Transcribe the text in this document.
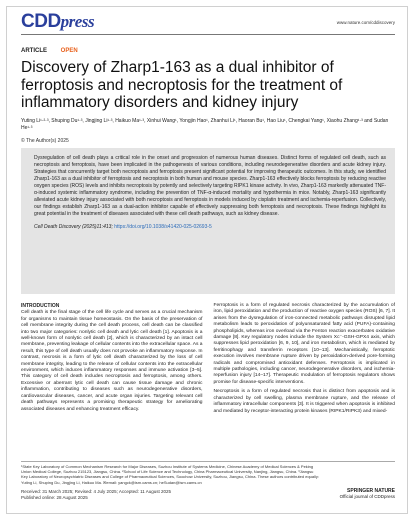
CDDpress	www.nature.com/cddiscovery
ARTICLE OPEN
Discovery of Zharp1-163 as a dual inhibitor of ferroptosis and necroptosis for the treatment of inflammatory disorders and kidney injury
Yuting Li¹·²·³, Shuping Du¹·³, Jingjing Li¹·³, Haikuo Ma¹·³, Xinhui Wang¹, Yongjin Hao¹, Zhanhui Li¹, Haoran Bu¹, Hao Liu¹, Chengkai Yang¹, Xiaohu Zhang¹·³ and Sudan He¹·³
© The Author(s) 2025

Dysregulation of cell death plays a critical role in the onset and progression of numerous human diseases. Distinct forms of regulated cell death, such as necroptosis and ferroptosis, have been implicated in the pathogenesis of various conditions, including neurodegenerative disorders and acute kidney injury. Strategies that concurrently target both necroptosis and ferroptosis present significant potential for improving therapeutic outcomes. In this study, we identified Zharp1-163 as a dual inhibitor of ferroptosis and necroptosis in both human and mouse species. Zharp1-163 effectively blocks ferroptosis by reducing reactive oxygen species (ROS) levels and inhibits necroptosis by potently and selectively targeting RIPK1 kinase activity. In vivo, Zharp1-163 markedly attenuated TNF-α-induced systemic inflammatory syndrome, including the prevention of TNF-α-induced mortality and hypothermia in mice. Notably, Zharp1-163 significantly alleviated acute kidney injury associated with both necroptosis and ferroptosis in models induced by cisplatin treatment and ischemia-reperfusion. Collectively, our findings establish Zharp1-163 as a dual-action inhibitor capable of effectively suppressing both ferroptosis and necroptosis. These findings highlight its great potential in the treatment of diseases associated with these cell death pathways, such as kidney disease.

Cell Death Discovery (2025)11:413; https://doi.org/10.1038/s41420-025-02693-5

INTRODUCTION

Cell death is the final stage of the cell life cycle and serves as a crucial mechanism for organisms to maintain tissue homeostasis. On the basis of the preservation of cell membrane integrity during the cell death process, cell death can be classified into two major categories: nonlytic cell death and lytic cell death [1]. Apoptosis is a well-known form of nonlytic cell death [2], which is characterized by an intact cell membrane, preventing leakage of cellular contents into the extracellular space. As a result, this type of cell death usually does not provoke an inflammatory response. In contrast, necrosis is a form of lytic cell death characterized by the loss of cell membrane integrity, leading to the release of cellular contents into the extracellular environment, which induces inflammatory responses and immune activation [3–5]. This category of cell death includes necroptosis and ferroptosis, among others. Excessive or aberrant lytic cell death can cause tissue damage and chronic inflammation, contributing to diseases such as neurodegenerative disorders, cardiovascular diseases, cancer, and acute organ injuries. Targeting relevant cell death pathways represents a promising therapeutic strategy for ameliorating associated diseases and enhancing treatment efficacy.

Ferroptosis is a form of regulated necrosis characterized by the accumulation of iron, lipid peroxidation and the production of reactive oxygen species (ROS) [6, 7]. It arises from the dysregulation of iron-connected metabolic pathways disrupted lipid metabolism leads to peroxidation of polyunsaturated fatty acid (PUFA)-containing phospholipids, whereas iron overload via the Fenton reaction exacerbates oxidative damage [8]. Key regulatory nodes include the System Xc⁻-GSH-GPX4 axis, which suppresses lipid peroxidation [6, 9, 10], and iron metabolism, which is mediated by ferritinophagy and transferrin receptors [10–13]. Mechanistically, ferroptotic execution involves membrane rupture driven by peroxidation-derived pore-forming radicals and compromised antioxidant defenses. Ferroptosis is implicated in multiple pathologies, including cancer, neurodegenerative disorders, and ischemia-reperfusion injury [14–17]. Therapeutic modulation of ferroptosis regulators shows promise for disease-specific interventions.

Necroptosis is a form of regulated necrosis that is distinct from apoptosis and is characterized by cell swelling, plasma membrane rupture, and the release of inflammatory intracellular components [3]. It is triggered when apoptosis is inhibited and mediated by receptor-interacting protein kinases (RIPK1/RIPK3) and mixed-

¹State Key Laboratory of Common Mechanism Research for Major Diseases, Suzhou Institute of Systems Medicine, Chinese Academy of Medical Sciences & Peking Union Medical College, Suzhou 215123, Jiangsu, China. ²School of Life Science and Technology, China Pharmaceutical University, Nanjing, Jiangsu, China. ³Jiangsu Key Laboratory of Neuropsychiatric Diseases and College of Pharmaceutical Sciences, Soochow University, Suzhou, Jiangsu, China. These authors contributed equally: Yuting Li, Shuping Du, Jingjing Li, Haikuo Ma. ✉email: yangck@ism.cams.cn; heSudan@ism.cams.cn
Received: 31 March 2025; Revised: 4 July 2025; Accepted: 11 August 2025
Published online: 28 August 2025
SPRINGER NATURE
Official journal of CDDpress
